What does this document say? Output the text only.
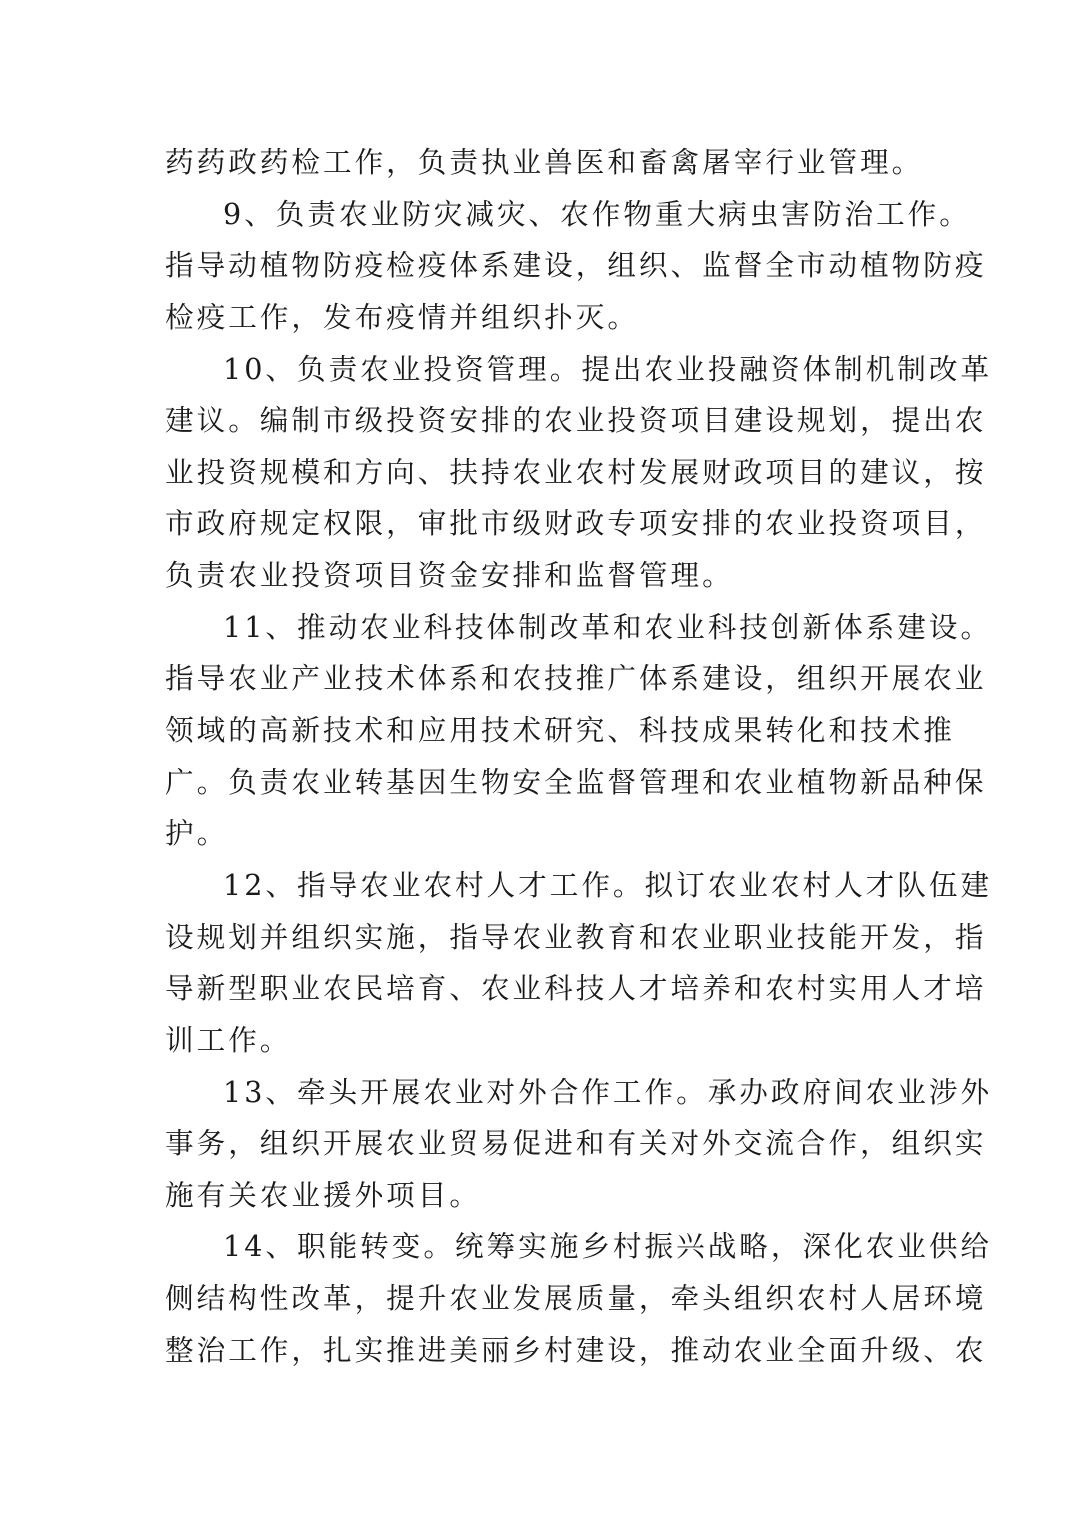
药药政药检工作，负责执业兽医和畜禽屠宰行业管理。
9、负责农业防灾减灾、农作物重大病虫害防治工作。
指导动植物防疫检疫体系建设，组织、监督全市动植物防疫
检疫工作，发布疫情并组织扑灭。
10、负责农业投资管理。提出农业投融资体制机制改革
建议。编制市级投资安排的农业投资项目建设规划，提出农
业投资规模和方向、扶持农业农村发展财政项目的建议，按
市政府规定权限，审批市级财政专项安排的农业投资项目，
负责农业投资项目资金安排和监督管理。
11、推动农业科技体制改革和农业科技创新体系建设。
指导农业产业技术体系和农技推广体系建设，组织开展农业
领域的高新技术和应用技术研究、科技成果转化和技术推
广。负责农业转基因生物安全监督管理和农业植物新品种保
护。
12、指导农业农村人才工作。拟订农业农村人才队伍建
设规划并组织实施，指导农业教育和农业职业技能开发，指
导新型职业农民培育、农业科技人才培养和农村实用人才培
训工作。
13、牵头开展农业对外合作工作。承办政府间农业涉外
事务，组织开展农业贸易促进和有关对外交流合作，组织实
施有关农业援外项目。
14、职能转变。统筹实施乡村振兴战略，深化农业供给
侧结构性改革，提升农业发展质量，牵头组织农村人居环境
整治工作，扎实推进美丽乡村建设，推动农业全面升级、农
